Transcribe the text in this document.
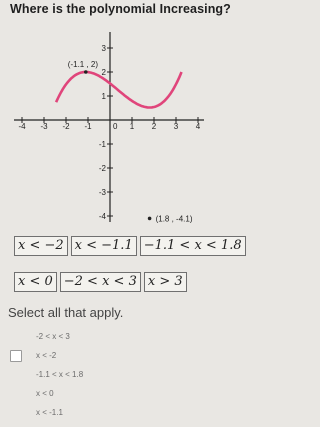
Where is the polynomial Increasing?
-4 -3 -2 -1	1 2 3 4
0
3
2
1
-1
-2
-3
-4
(-1.1 , 2)
(1.8 , -4.1)
x < −2 x < −1.1 −1.1 < x < 1.8
x < 0 −2 < x < 3 x > 3
Select all that apply.
-2 < x < 3
x < -2
-1.1 < x < 1.8
x < 0
x < -1.1
